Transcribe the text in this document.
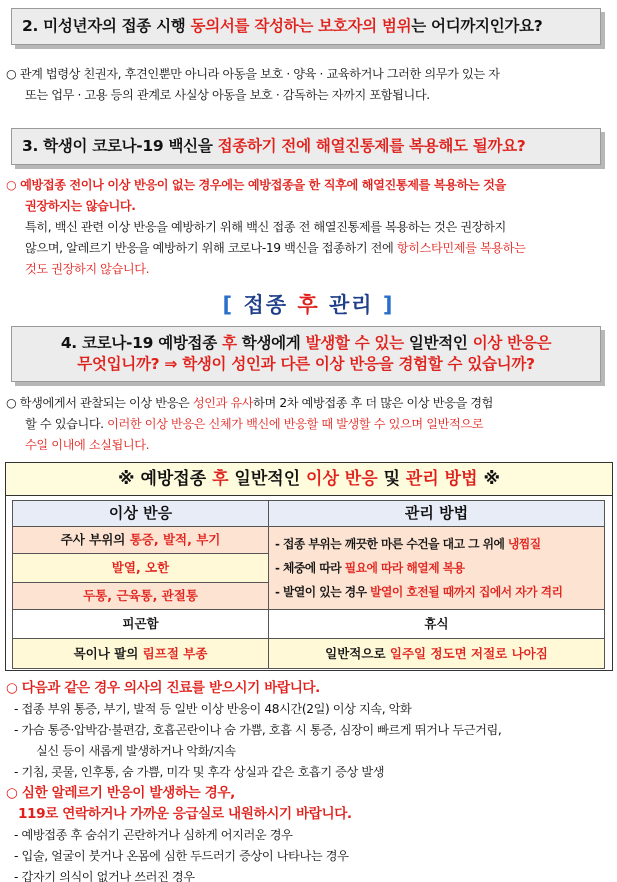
2. 미성년자의 접종 시행 동의서를 작성하는 보호자의 범위는 어디까지인가요?
○ 관계 법령상 친권자, 후견인뿐만 아니라 아동을 보호 · 양육 · 교육하거나 그러한 의무가 있는 자
또는 업무 · 고용 등의 관계로 사실상 아동을 보호 · 감독하는 자까지 포함됩니다.
3. 학생이 코로나-19 백신을 접종하기 전에 해열진통제를 복용해도 될까요?
○ 예방접종 전이나 이상 반응이 없는 경우에는 예방접종을 한 직후에 해열진통제를 복용하는 것을
권장하지는 않습니다.
특히, 백신 관련 이상 반응을 예방하기 위해 백신 접종 전 해열진통제를 복용하는 것은 권장하지
않으며, 알레르기 반응을 예방하기 위해 코로나-19 백신을 접종하기 전에 항히스타민제를 복용하는
것도 권장하지 않습니다.
[ 접종 후 관리 ]
4. 코로나-19 예방접종 후 학생에게 발생할 수 있는 일반적인 이상 반응은
무엇입니까? ⇒ 학생이 성인과 다른 이상 반응을 경험할 수 있습니까?
○ 학생에게서 관찰되는 이상 반응은 성인과 유사하며 2차 예방접종 후 더 많은 이상 반응을 경험
할 수 있습니다. 이러한 이상 반응은 신체가 백신에 반응할 때 발생할 수 있으며 일반적으로
수일 이내에 소실됩니다.
※ 예방접종 후 일반적인 이상 반응 및 관리 방법 ※
이상 반응	관리 방법
주사 부위의 통증, 발적, 부기
발열, 오한
두통, 근육통, 관절통
- 접종 부위는 깨끗한 마른 수건을 대고 그 위에 냉찜질
- 체중에 따라 필요에 따라 해열제 복용
- 발열이 있는 경우 발열이 호전될 때까지 집에서 자가 격리
피곤함	휴식
목이나 팔의 림프절 부종	일반적으로 일주일 정도면 저절로 나아짐
○ 다음과 같은 경우 의사의 진료를 받으시기 바랍니다.
- 접종 부위 통증, 부기, 발적 등 일반 이상 반응이 48시간(2일) 이상 지속, 악화
- 가슴 통증·압박감·불편감, 호흡곤란이나 숨 가쁨, 호흡 시 통증, 심장이 빠르게 뛰거나 두근거림,
실신 등이 새롭게 발생하거나 악화/지속
- 기침, 콧물, 인후통, 숨 가쁨, 미각 및 후각 상실과 같은 호흡기 증상 발생
○ 심한 알레르기 반응이 발생하는 경우,
119로 연락하거나 가까운 응급실로 내원하시기 바랍니다.
- 예방접종 후 숨쉬기 곤란하거나 심하게 어지러운 경우
- 입술, 얼굴이 붓거나 온몸에 심한 두드러기 증상이 나타나는 경우
- 갑자기 의식이 없거나 쓰러진 경우
